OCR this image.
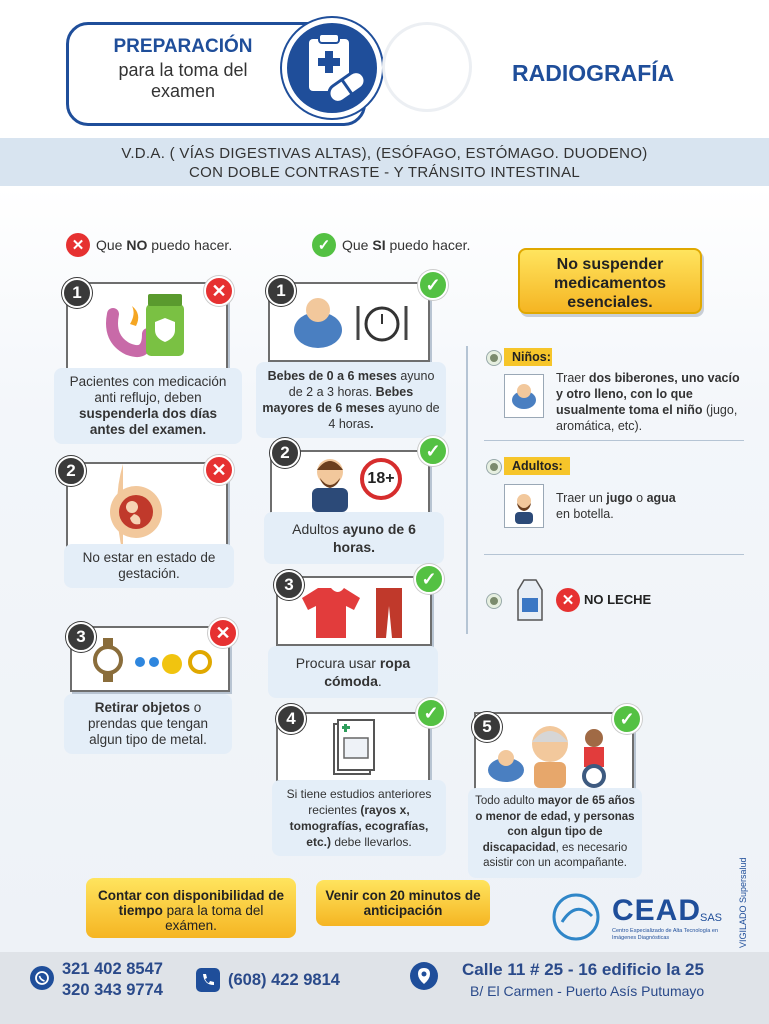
PREPARACIÓN
para la toma del examen
RADIOGRAFÍA
V.D.A. ( VÍAS DIGESTIVAS ALTAS), (ESÓFAGO, ESTÓMAGO. DUODENO)
CON DOBLE CONTRASTE - Y TRÁNSITO INTESTINAL
✕ Que NO puedo hacer.	✓ Que SI puedo hacer.
1	✕
Pacientes con medicación anti reflujo, deben suspenderla dos días antes del examen.
2	✕
No estar en estado de gestación.
3	✕
Retirar objetos o prendas que tengan algun tipo de metal.
1	✓
Bebes de 0 a 6 meses ayuno de 2 a 3 horas. Bebes mayores de 6 meses ayuno de 4 horas.
2	✓
18+
Adultos ayuno de 6 horas.
3	✓
Procura usar ropa cómoda.
4	✓
Si tiene estudios anteriores recientes (rayos x, tomografías, ecografías, etc.) debe llevarlos.
5	✓
Todo adulto mayor de 65 años o menor de edad, y personas con algun tipo de discapacidad, es necesario asistir con un acompañante.
No suspender medicamentos esenciales.
Niños:
Traer dos biberones, uno vacío y otro lleno, con lo que usualmente toma el niño (jugo, aromática, etc).
Adultos:
Traer un jugo o agua en botella.
✕ NO LECHE
Contar con disponibilidad de tiempo para la toma del exámen.
Venir con 20 minutos de anticipación	CEAD
SAS
Centro Especializado de Alta Tecnología en Imágenes Diagnósticas	VIGILADO Supersalud
321 402 8547
320 343 9774
(608) 422 9814
Calle 11 # 25 - 16 edificio la 25
B/ El Carmen - Puerto Asís Putumayo
